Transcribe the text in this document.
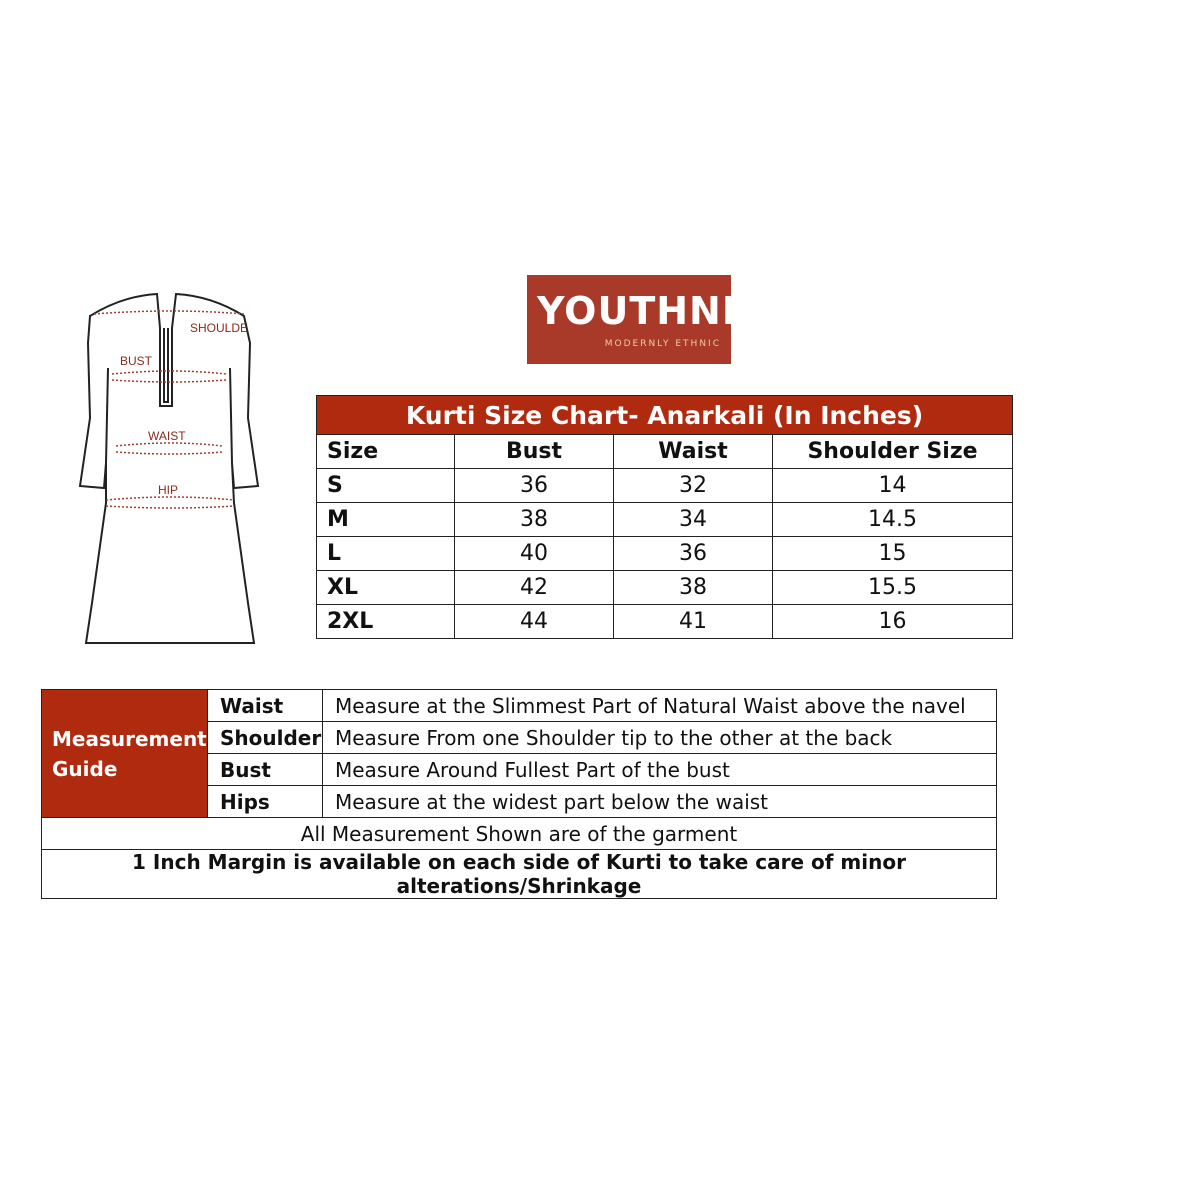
SHOULDE
BUST
WAIST
HIP
YOUTHNIC
MODERNLY ETHNIC
Kurti Size Chart- Anarkali (In Inches)			
Size	Bust	Waist	Shoulder Size
S	36	32	14
M	38	34	14.5
L	40	36	15
XL	42	38	15.5
2XL	44	41	16
Measurement
Guide	Waist	Measure at the Slimmest Part of Natural Waist above the navel
	Shoulder	Measure From one Shoulder tip to the other at the back
	Bust	Measure Around Fullest Part of the bust
	Hips	Measure at the widest part below the waist
All Measurement Shown are of the garment		
1 Inch Margin is available on each side of Kurti to take care of minor alterations/Shrinkage		
